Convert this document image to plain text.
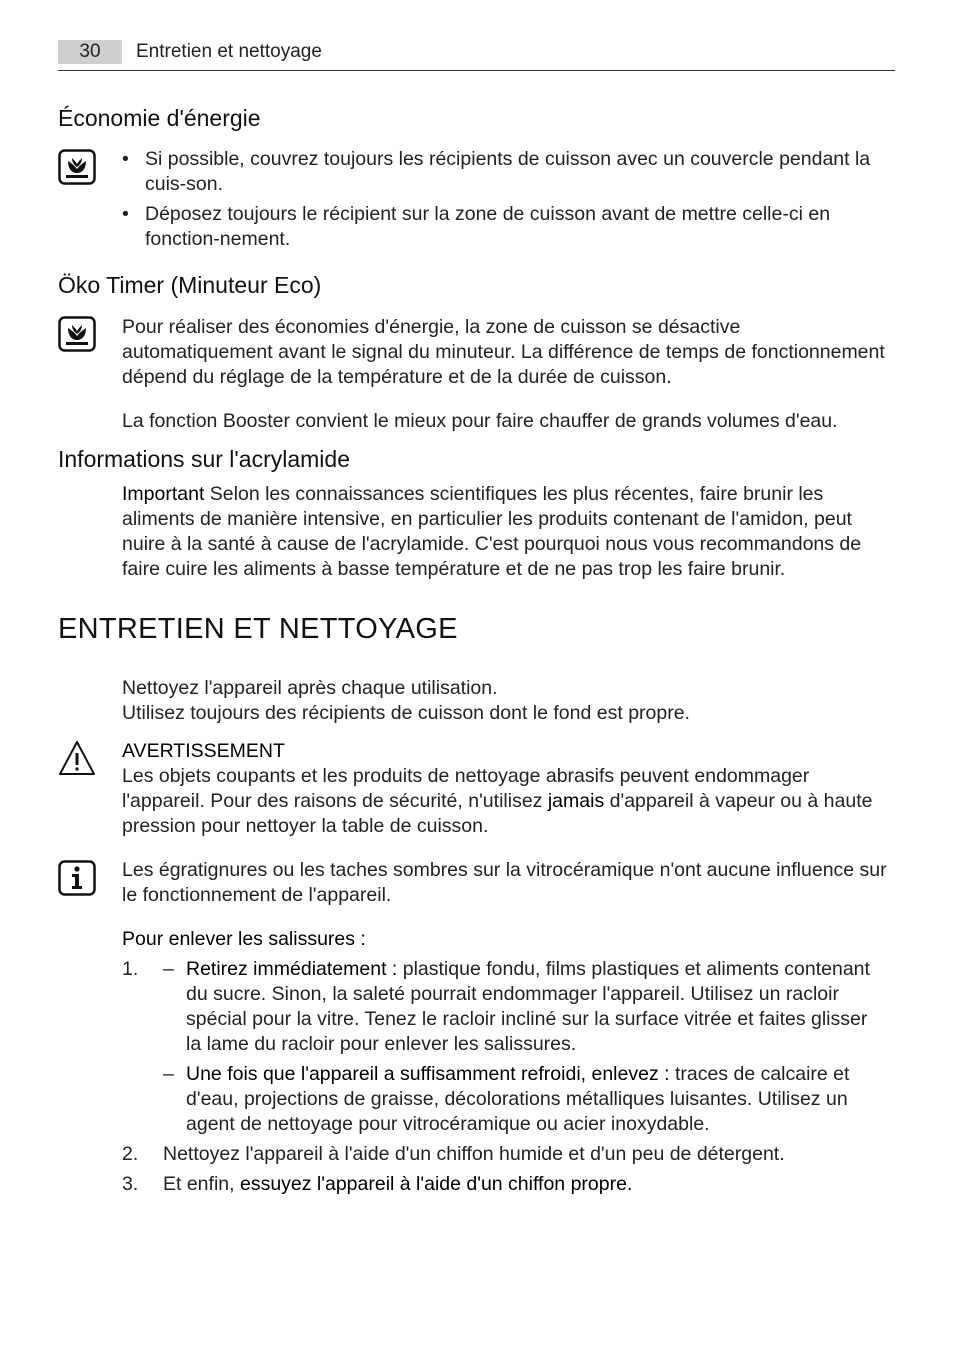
30	Entretien et nettoyage
Économie d'énergie
• Si possible, couvrez toujours les récipients de cuisson avec un couvercle pendant la cuis-son.
• Déposez toujours le récipient sur la zone de cuisson avant de mettre celle-ci en fonction-nement.
Öko Timer (Minuteur Eco)

Pour réaliser des économies d'énergie, la zone de cuisson se désactive automatiquement avant le signal du minuteur. La différence de temps de fonctionnement dépend du réglage de la température et de la durée de cuisson.

La fonction Booster convient le mieux pour faire chauffer de grands volumes d'eau.

Informations sur l'acrylamide

Important Selon les connaissances scientifiques les plus récentes, faire brunir les aliments de manière intensive, en particulier les produits contenant de l'amidon, peut nuire à la santé à cause de l'acrylamide. C'est pourquoi nous vous recommandons de faire cuire les aliments à basse température et de ne pas trop les faire brunir.

ENTRETIEN ET NETTOYAGE

Nettoyez l'appareil après chaque utilisation.

Utilisez toujours des récipients de cuisson dont le fond est propre.

AVERTISSEMENT

Les objets coupants et les produits de nettoyage abrasifs peuvent endommager l'appareil. Pour des raisons de sécurité, n'utilisez jamais d'appareil à vapeur ou à haute pression pour nettoyer la table de cuisson.

Les égratignures ou les taches sombres sur la vitrocéramique n'ont aucune influence sur le fonctionnement de l'appareil.

Pour enlever les salissures :

1. – Retirez immédiatement : plastique fondu, films plastiques et aliments contenant du sucre. Sinon, la saleté pourrait endommager l'appareil. Utilisez un racloir spécial pour la vitre. Tenez le racloir incliné sur la surface vitrée et faites glisser la lame du racloir pour enlever les salissures.

– Une fois que l'appareil a suffisamment refroidi, enlevez : traces de calcaire et d'eau, projections de graisse, décolorations métalliques luisantes. Utilisez un agent de nettoyage pour vitrocéramique ou acier inoxydable.

2. Nettoyez l'appareil à l'aide d'un chiffon humide et d'un peu de détergent.

3. Et enfin, essuyez l'appareil à l'aide d'un chiffon propre.
